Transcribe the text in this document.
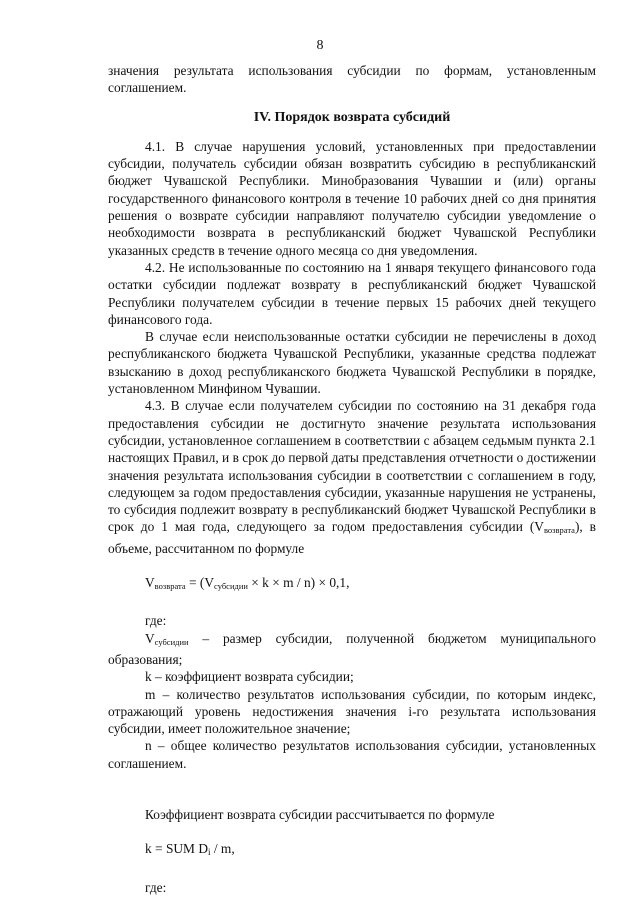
8

значения результата использования субсидии по формам, установленным соглашением.

IV. Порядок возврата субсидий

4.1. В случае нарушения условий, установленных при предоставлении субсидии, получатель субсидии обязан возвратить субсидию в республиканский бюджет Чувашской Республики. Минобразования Чувашии и (или) органы государственного финансового контроля в течение 10 рабочих дней со дня принятия решения о возврате субсидии направляют получателю субсидии уведомление о необходимости возврата в республиканский бюджет Чувашской Республики указанных средств в течение одного месяца со дня уведомления.

4.2. Не использованные по состоянию на 1 января текущего финансового года остатки субсидии подлежат возврату в республиканский бюджет Чувашской Республики получателем субсидии в течение первых 15 рабочих дней текущего финансового года.

В случае если неиспользованные остатки субсидии не перечислены в доход республиканского бюджета Чувашской Республики, указанные средства подлежат взысканию в доход республиканского бюджета Чувашской Республики в порядке, установленном Минфином Чувашии.

4.3. В случае если получателем субсидии по состоянию на 31 декабря года предоставления субсидии не достигнуто значение результата использования субсидии, установленное соглашением в соответствии с абзацем седьмым пункта 2.1 настоящих Правил, и в срок до первой даты представления отчетности о достижении значения результата использования субсидии в соответствии с соглашением в году, следующем за годом предоставления субсидии, указанные нарушения не устранены, то субсидия подлежит возврату в республиканский бюджет Чувашской Республики в срок до 1 мая года, следующего за годом предоставления субсидии $(V_{возврата})$, в объеме, рассчитанном по формуле

$V_{возврата} = (V_{субсидии} \times k \times m / n) \times 0,1$,

где:

$V_{субсидии}$ – размер субсидии, полученной бюджетом муниципального образования;

k – коэффициент возврата субсидии;

m – количество результатов использования субсидии, по которым индекс, отражающий уровень недостижения значения i-го результата использования субсидии, имеет положительное значение;

n – общее количество результатов использования субсидии, установленных соглашением.

Коэффициент возврата субсидии рассчитывается по формуле

k = SUM Di / m,

где:
